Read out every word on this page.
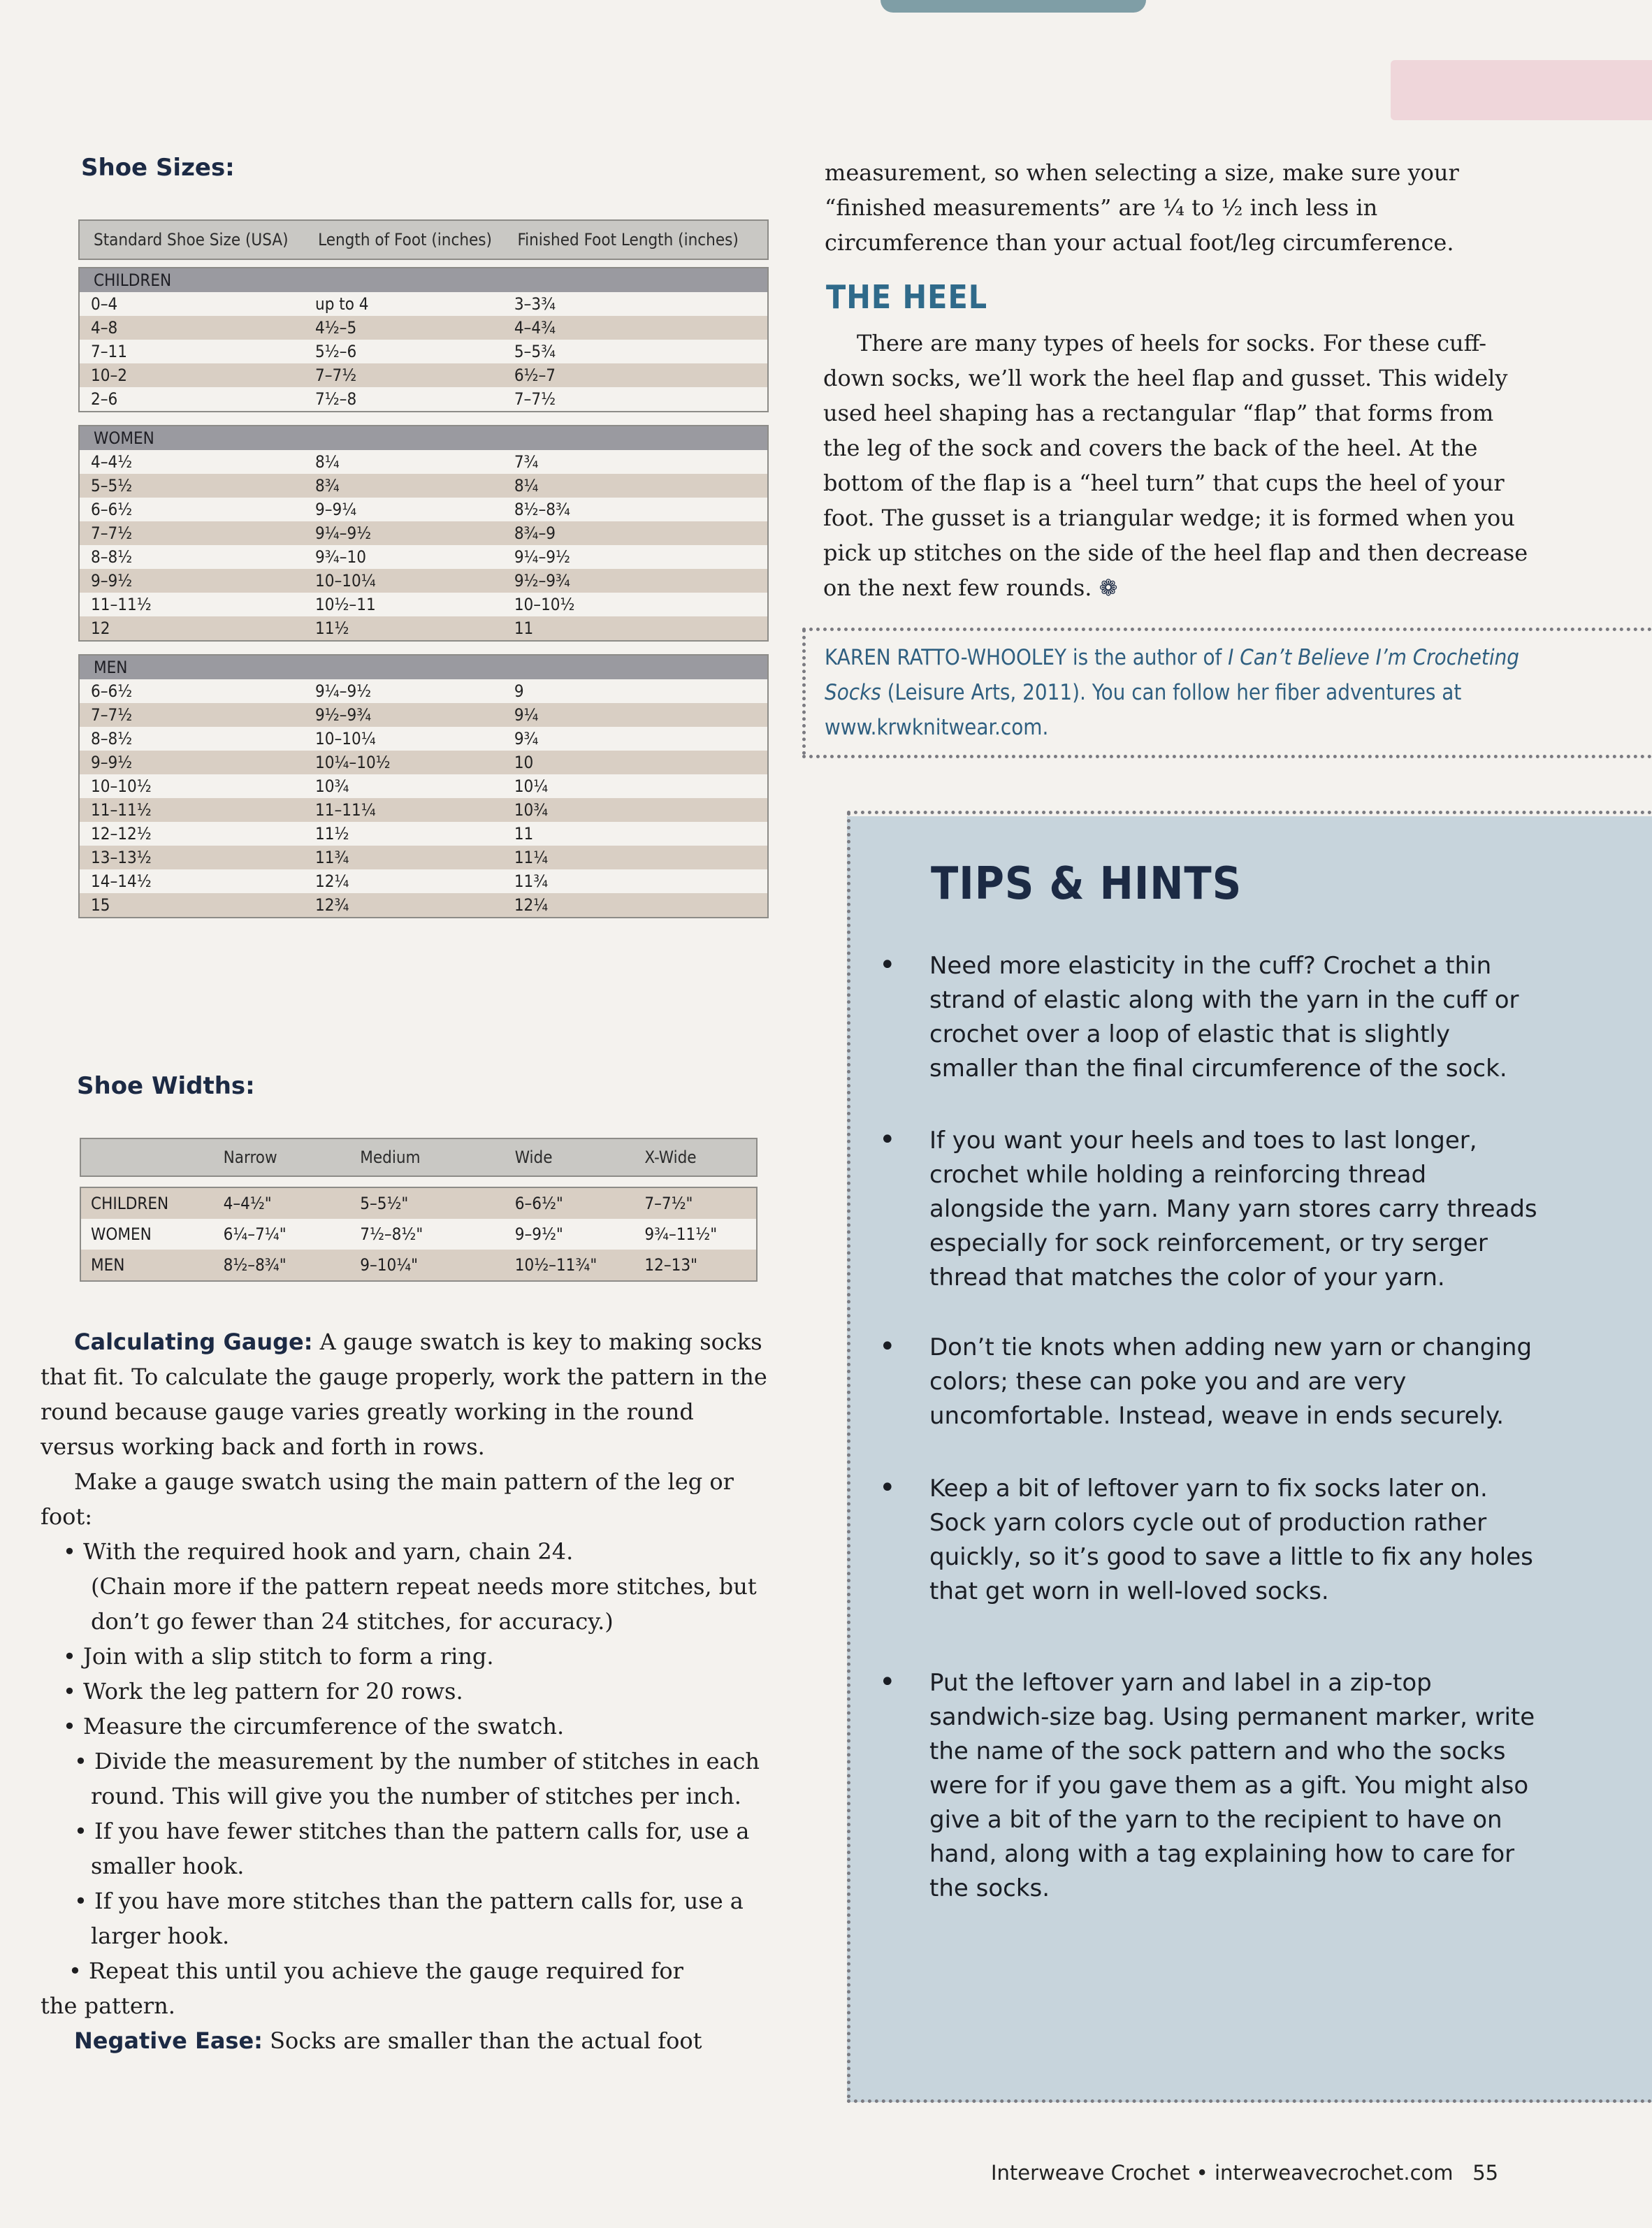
Shoe Sizes:
Standard Shoe Size (USA)	Length of Foot (inches)	Finished Foot Length (inches)
CHILDREN
0–4	up to 4	3–3¾
4–8	4½–5	4–4¾
7–11	5½–6	5–5¾
10–2	7–7½	6½–7
2–6	7½–8	7–7½
WOMEN
4–4½	8¼	7¾
5–5½	8¾	8¼
6–6½	9–9¼	8½–8¾
7–7½	9¼–9½	8¾–9
8–8½	9¾–10	9¼–9½
9–9½	10–10¼	9½–9¾
11–11½	10½–11	10–10½
12	11½	11
MEN
6–6½	9¼–9½	9
7–7½	9½–9¾	9¼
8–8½	10–10¼	9¾
9–9½	10¼–10½	10
10–10½	10¾	10¼
11–11½	11–11¼	10¾
12–12½	11½	11
13–13½	11¾	11¼
14–14½	12¼	11¾
15	12¾	12¼
Shoe Widths:
Narrow	Medium	Wide	X-Wide
CHILDREN	4–4½"	5–5½"	6–6½"	7–7½"
WOMEN	6¼–7¼"	7½–8½"	9–9½"	9¾–11½"
MEN	8½–8¾"	9–10¼"	10½–11¾"	12–13"

Calculating Gauge: A gauge swatch is key to making socks that fit. To calculate the gauge properly, work the pattern in the round because gauge varies greatly working in the round versus working back and forth in rows.

Make a gauge swatch using the main pattern of the leg or foot:

• With the required hook and yarn, chain 24.

(Chain more if the pattern repeat needs more stitches, but don’t go fewer than 24 stitches, for accuracy.)

• Join with a slip stitch to form a ring.

• Work the leg pattern for 20 rows.

• Measure the circumference of the swatch.

• Divide the measurement by the number of stitches in each round. This will give you the number of stitches per inch.

• If you have fewer stitches than the pattern calls for, use a smaller hook.

• If you have more stitches than the pattern calls for, use a larger hook.

• Repeat this until you achieve the gauge required for the pattern.

Negative Ease: Socks are smaller than the actual foot

measurement, so when selecting a size, make sure your “finished measurements” are ¼ to ½ inch less in circumference than your actual foot/leg circumference.
THE HEEL
There are many types of heels for socks. For these cuff-down socks, we’ll work the heel flap and gusset. This widely used heel shaping has a rectangular “flap” that forms from the leg of the sock and covers the back of the heel. At the bottom of the flap is a “heel turn” that cups the heel of your foot. The gusset is a triangular wedge; it is formed when you pick up stitches on the side of the heel flap and then decrease on the next few rounds. ❁
KAREN RATTO-WHOOLEY is the author of I Can’t Believe I’m Crocheting Socks (Leisure Arts, 2011). You can follow her fiber adventures at www.krwknitwear.com.
TIPS & HINTS
• Need more elasticity in the cuff? Crochet a thin strand of elastic along with the yarn in the cuff or crochet over a loop of elastic that is slightly smaller than the final circumference of the sock.
• If you want your heels and toes to last longer, crochet while holding a reinforcing thread alongside the yarn. Many yarn stores carry threads especially for sock reinforcement, or try serger thread that matches the color of your yarn.
• Don’t tie knots when adding new yarn or changing colors; these can poke you and are very uncomfortable. Instead, weave in ends securely.
• Keep a bit of leftover yarn to fix socks later on. Sock yarn colors cycle out of production rather quickly, so it’s good to save a little to fix any holes that get worn in well-loved socks.
• Put the leftover yarn and label in a zip-top sandwich-size bag. Using permanent marker, write the name of the sock pattern and who the socks were for if you gave them as a gift. You might also give a bit of the yarn to the recipient to have on hand, along with a tag explaining how to care for the socks.
Interweave Crochet • interweavecrochet.com 55
